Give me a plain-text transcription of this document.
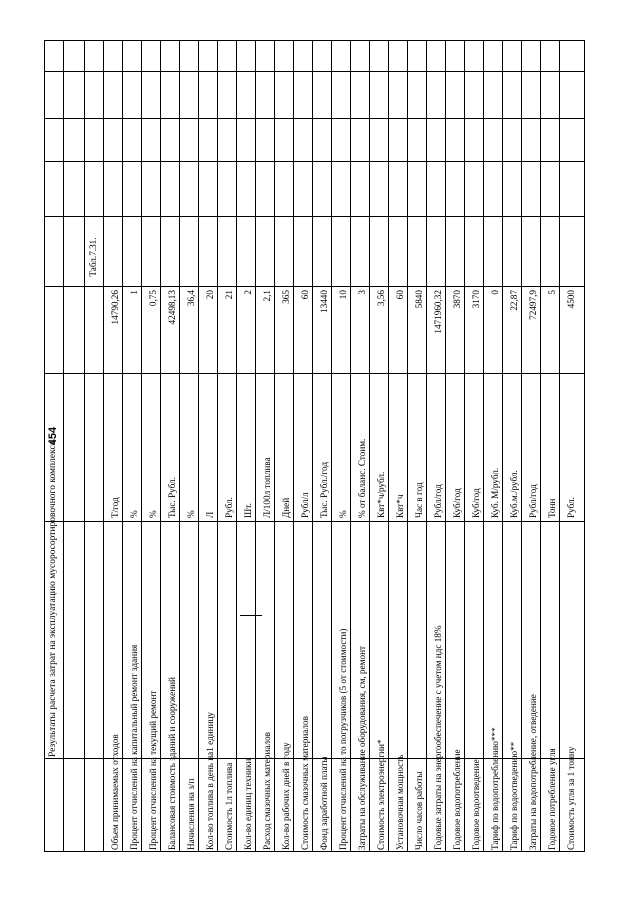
454
Результаты расчета затрат на эксплуатацию мусоросортировочного комплекса
Табл.7.31.
Объем принимаемых отходов
Т/год
14790,26
Процент отчислений на капитальный ремонт здания
%
1
Процент отчислений на текущий ремонт
%
0,75
Балансовая стоимость зданий и сооружений
Тыс. Рубл.
42498,13
Начисления на з/п
%
36,4
Кол-во топлива в день на1 единицу
Л
20
Стоимость 1л топлива
Рубл.
21
Кол-во единиц техники
Шт.
2
Расход смазочных материалов
Л/100л топлива
2,1
Кол-во рабочих дней в году
Дней
365
Стоимость смазочных материалов
Рубл/л
60
Фонд заработной платы
Тыс. Рубл./год
13440
Процент отчислений на то погрузчиков (5 от стоимости)
%
10
Затраты на обслуживание оборудования, см, ремонт
% от баланс. Стоим.
3
Стоимость электроэнергии*
Квт*ч/рубл.
3,56
Установочная мощность
Квт*ч
60
Число часов работы
Час в год
5840
Годовые затраты на энергообеспечение с учетом ндс 18%
Рубл/год
1471960,32
Годовое водопотребление
Куб/год
3870
Годовое водоотведение
Куб/год
3170
Тариф по водопотреблению***
Куб. М/рубл.
0
Тариф по водоотведению**
Куб.м./рубл.
22,87
Затраты на водопотребление, отведение
Рубл/год
72497,9
Годовое потребление угля
Тонн
5
Стоимость угля за 1 тонну
Рубл.
4500
